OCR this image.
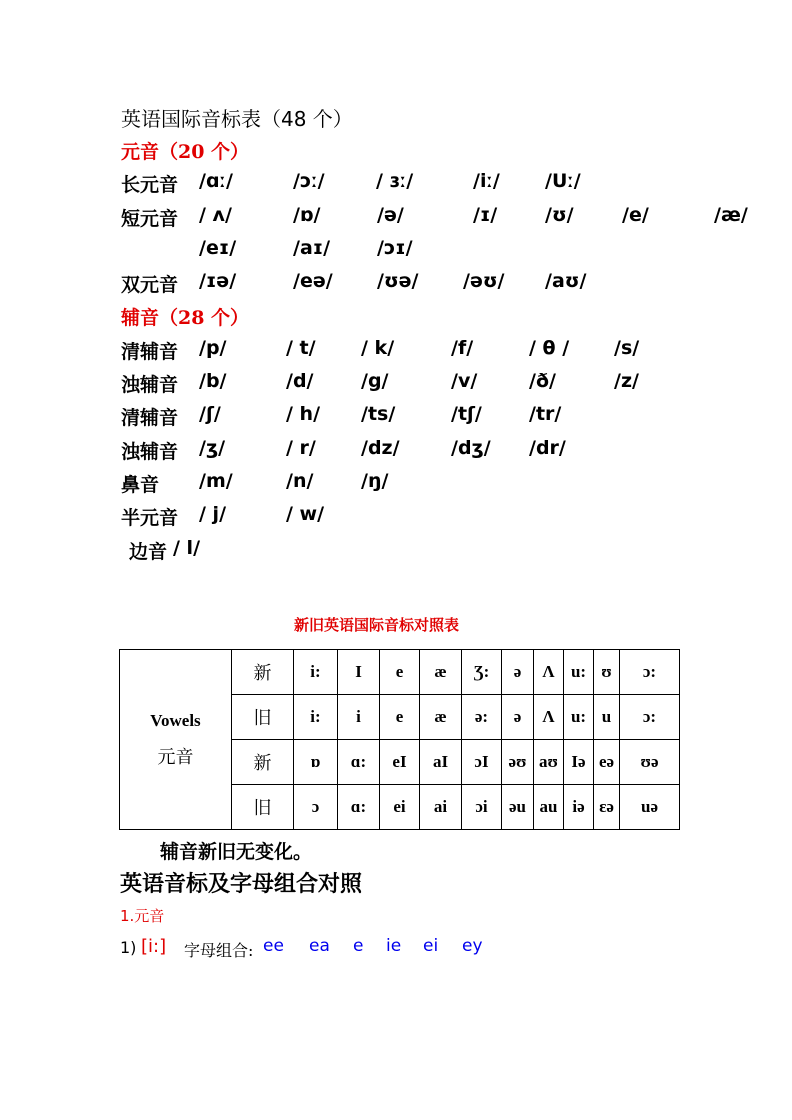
英语国际音标表（48 个）
元音（20 个）
长元音 /ɑː/	/ɔː/	/ ɜː/	/iː/ /Uː/
短元音 / ʌ/	/ɒ/	/ə/	/ɪ/	/ʊ/	/e/	/æ/
/eɪ/	/aɪ/ /ɔɪ/
双元音 /ɪə/	/eə/ /ʊə/ /əʊ/ /aʊ/
辅音（28 个）
清辅音 /p/	/ t/ / k/	/f/	/ θ / /s/
浊辅音 /b/	/d/	/g/	/v/	/ð/	/z/
清辅音 /ʃ/	/ h/ /ts/	/tʃ/ /tr/
浊辅音 /ʒ/	/ r/ /dz/	/dʒ/ /dr/
鼻音 /m/	/n/	/ŋ/
半元音 / j/	/ w/
边音 / l/
新旧英语国际音标对照表
Vowels
元音	新	i:	I	e	æ	Ʒ:	ə	Λ	u:	ʊ	ɔ:
	旧	i:	i	e	æ	ə:	ə	Λ	u:	u	ɔ:
	新	ɒ	ɑ:	eI	aI	ɔI	əʊ	aʊ	Iə	eə	ʊə
	旧	ɔ	ɑ:	ei	ai	ɔi	əu	au	iə	ɛə	uə
辅音新旧无变化。
英语音标及字母组合对照
1.元音
1) [i:] 字母组合: ee ea e ie ei ey
